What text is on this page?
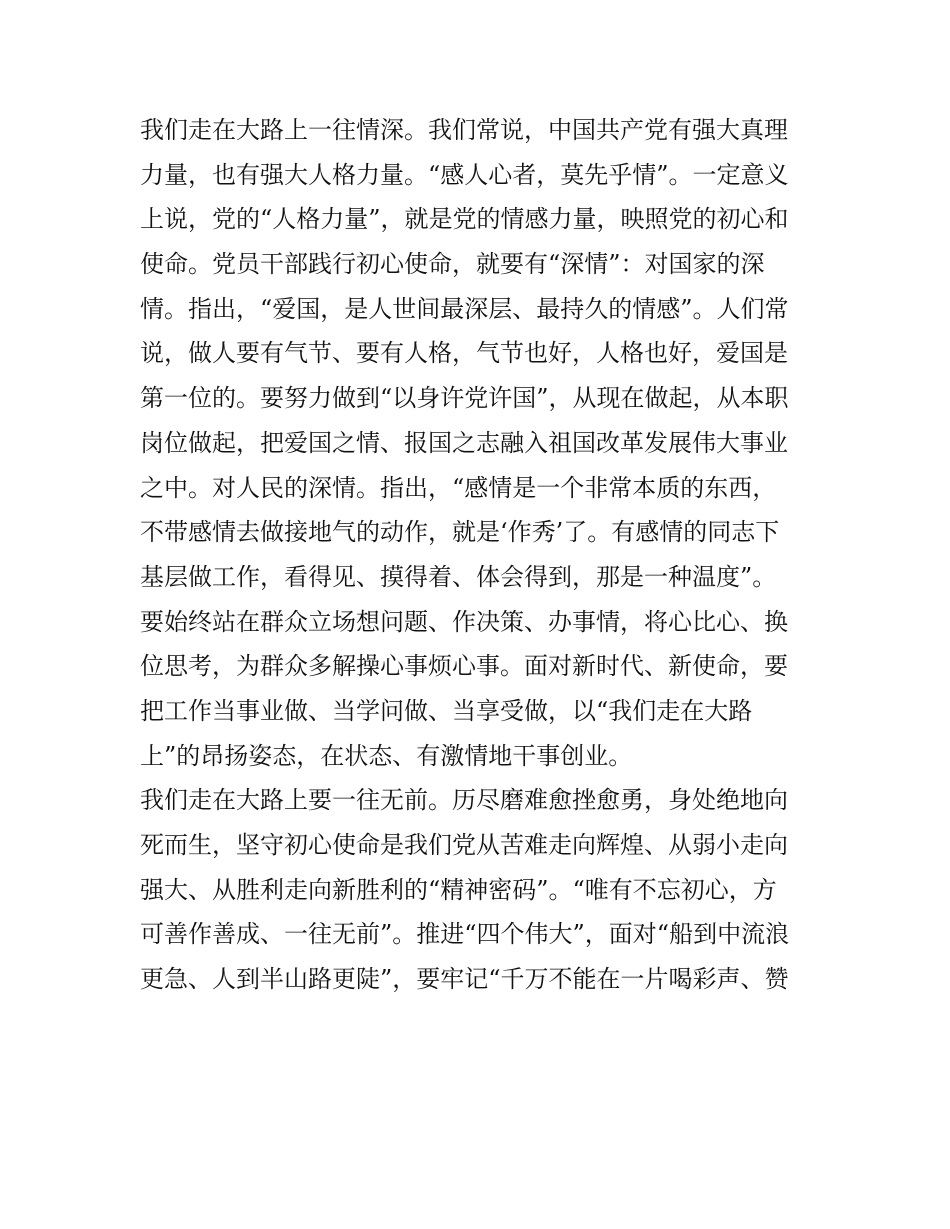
我们走在大路上一往情深。我们常说，中国共产党有强大真理
力量，也有强大人格力量。“感人心者，莫先乎情”。一定意义
上说，党的“人格力量”，就是党的情感力量，映照党的初心和
使命。党员干部践行初心使命，就要有“深情”：对国家的深
情。指出，“爱国，是人世间最深层、最持久的情感”。人们常
说，做人要有气节、要有人格，气节也好，人格也好，爱国是
第一位的。要努力做到“以身许党许国”，从现在做起，从本职
岗位做起，把爱国之情、报国之志融入祖国改革发展伟大事业
之中。对人民的深情。指出，“感情是一个非常本质的东西，
不带感情去做接地气的动作，就是‘作秀’了。有感情的同志下
基层做工作，看得见、摸得着、体会得到，那是一种温度”。
要始终站在群众立场想问题、作决策、办事情，将心比心、换
位思考，为群众多解操心事烦心事。面对新时代、新使命，要
把工作当事业做、当学问做、当享受做，以“我们走在大路
上”的昂扬姿态，在状态、有激情地干事创业。
我们走在大路上要一往无前。历尽磨难愈挫愈勇，身处绝地向
死而生，坚守初心使命是我们党从苦难走向辉煌、从弱小走向
强大、从胜利走向新胜利的“精神密码”。“唯有不忘初心，方
可善作善成、一往无前”。推进“四个伟大”，面对“船到中流浪
更急、人到半山路更陡”，要牢记“千万不能在一片喝彩声、赞
